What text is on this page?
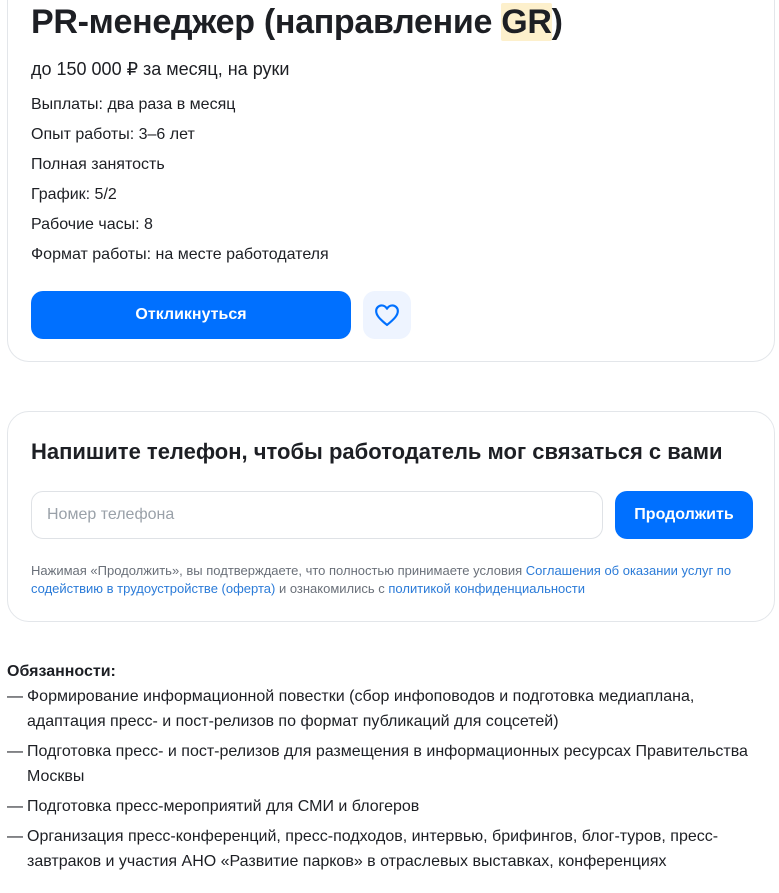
PR-менеджер (направление GR)
до 150 000 ₽ за месяц, на руки
Выплаты: два раза в месяц
Опыт работы: 3–6 лет
Полная занятость
График: 5/2
Рабочие часы: 8
Формат работы: на месте работодателя
Откликнуться
Напишите телефон, чтобы работодатель мог связаться с вами
Номер телефона
Продолжить
Нажимая «Продолжить», вы подтверждаете, что полностью принимаете условия Соглашения об оказании услуг по содействию в трудоустройстве (оферта) и ознакомились с политикой конфиденциальности
Обязанности:
— Формирование информационной повестки (сбор инфоповодов и подготовка медиаплана, адаптация пресс- и пост-релизов по формат публикаций для соцсетей)
— Подготовка пресс- и пост-релизов для размещения в информационных ресурсах Правительства Москвы
— Подготовка пресс-мероприятий для СМИ и блогеров
— Организация пресс-конференций, пресс-подходов, интервью, брифингов, блог-туров, пресс-завтраков и участия АНО «Развитие парков» в отраслевых выставках, конференциях
